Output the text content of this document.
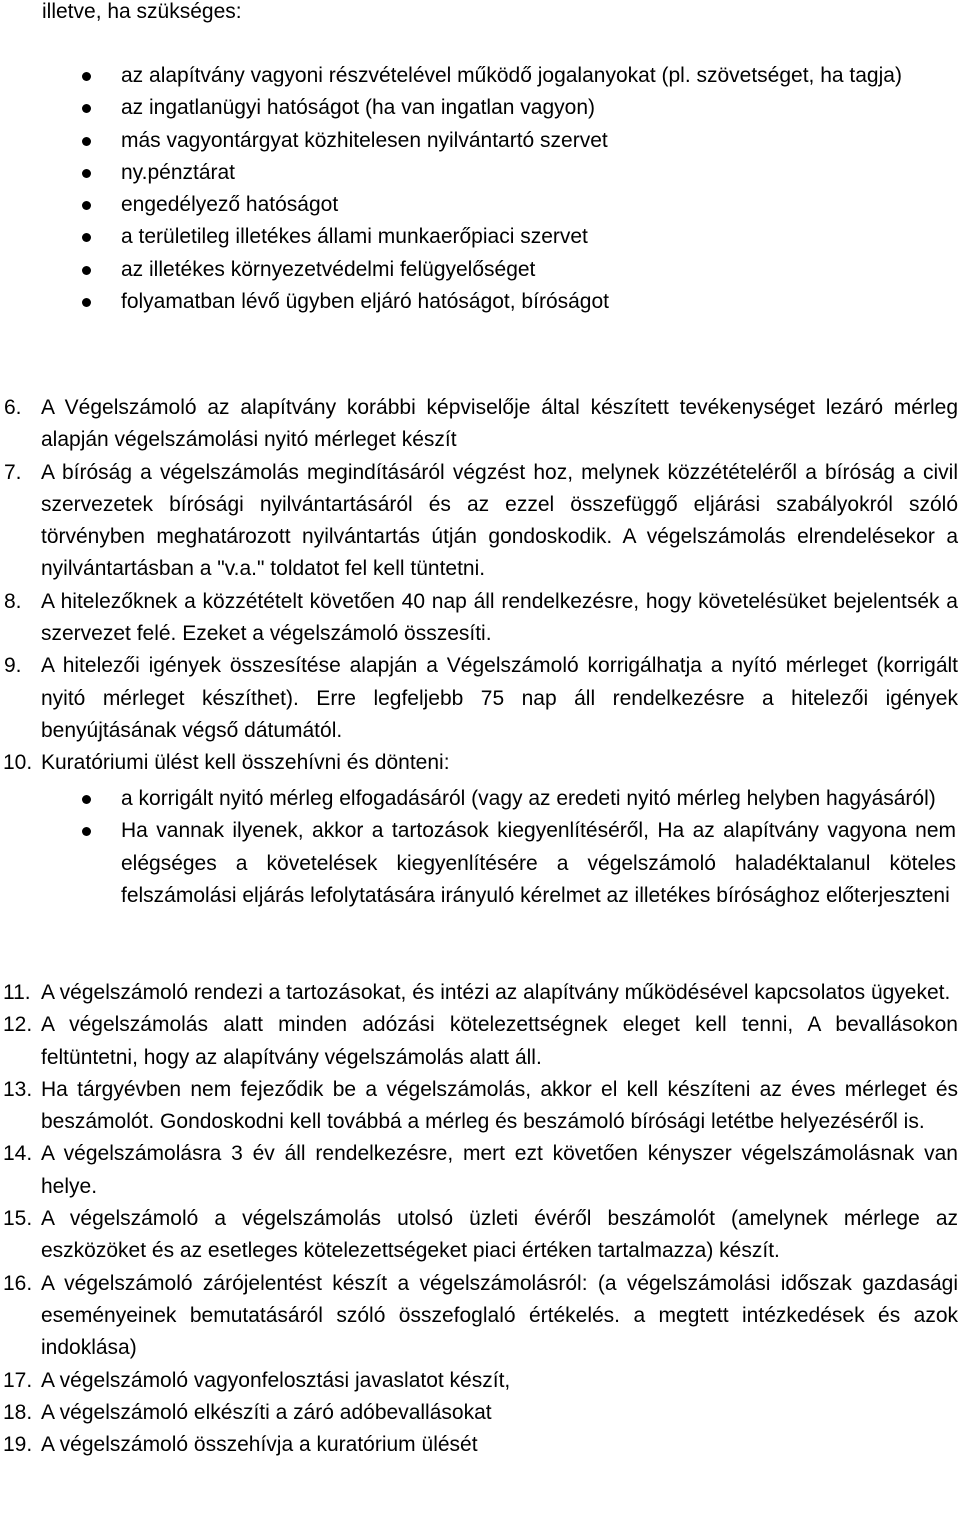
illetve, ha szükséges:
az alapítvány vagyoni részvételével működő jogalanyokat (pl. szövetséget, ha tagja)
az ingatlanügyi hatóságot (ha van ingatlan vagyon)
más vagyontárgyat közhitelesen nyilvántartó szervet
ny.pénztárat
engedélyező hatóságot
a területileg illetékes állami munkaerőpiaci szervet
az illetékes környezetvédelmi felügyelőséget
folyamatban lévő ügyben eljáró hatóságot, bíróságot
6. A Végelszámoló az alapítvány korábbi képviselője által készített tevékenységet lezáró mérleg alapján végelszámolási nyitó mérleget készít
7. A bíróság a végelszámolás megindításáról végzést hoz, melynek közzétételéről a bíróság a civil szervezetek bírósági nyilvántartásáról és az ezzel összefüggő eljárási szabályokról szóló törvényben meghatározott nyilvántartás útján gondoskodik. A végelszámolás elrendelésekor a nyilvántartásban a "v.a." toldatot fel kell tüntetni.
8. A hitelezőknek a közzétételt követően 40 nap áll rendelkezésre, hogy követelésüket bejelentsék a szervezet felé. Ezeket a végelszámoló összesíti.
9. A hitelezői igények összesítése alapján a Végelszámoló korrigálhatja a nyító mérleget (korrigált nyitó mérleget készíthet). Erre legfeljebb 75 nap áll rendelkezésre a hitelezői igények benyújtásának végső dátumától.
10. Kuratóriumi ülést kell összehívni és dönteni:
a korrigált nyitó mérleg elfogadásáról (vagy az eredeti nyitó mérleg helyben hagyásáról)
Ha vannak ilyenek, akkor a tartozások kiegyenlítéséről, Ha az alapítvány vagyona nem elégséges a követelések kiegyenlítésére a végelszámoló haladéktalanul köteles felszámolási eljárás lefolytatására irányuló kérelmet az illetékes bírósághoz előterjeszteni
11. A végelszámoló rendezi a tartozásokat, és intézi az alapítvány működésével kapcsolatos ügyeket.
12. A végelszámolás alatt minden adózási kötelezettségnek eleget kell tenni, A bevallásokon feltüntetni, hogy az alapítvány végelszámolás alatt áll.
13. Ha tárgyévben nem fejeződik be a végelszámolás, akkor el kell készíteni az éves mérleget és beszámolót. Gondoskodni kell továbbá a mérleg és beszámoló bírósági letétbe helyezéséről is.
14. A végelszámolásra 3 év áll rendelkezésre, mert ezt követően kényszer végelszámolásnak van helye.
15. A végelszámoló a végelszámolás utolsó üzleti évéről beszámolót (amelynek mérlege az eszközöket és az esetleges kötelezettségeket piaci értéken tartalmazza) készít.
16. A végelszámoló zárójelentést készít a végelszámolásról: (a végelszámolási időszak gazdasági eseményeinek bemutatásáról szóló összefoglaló értékelés. a megtett intézkedések és azok indoklása)
17. A végelszámoló vagyonfelosztási javaslatot készít,
18. A végelszámoló elkészíti a záró adóbevallásokat
19. A végelszámoló összehívja a kuratórium ülését
